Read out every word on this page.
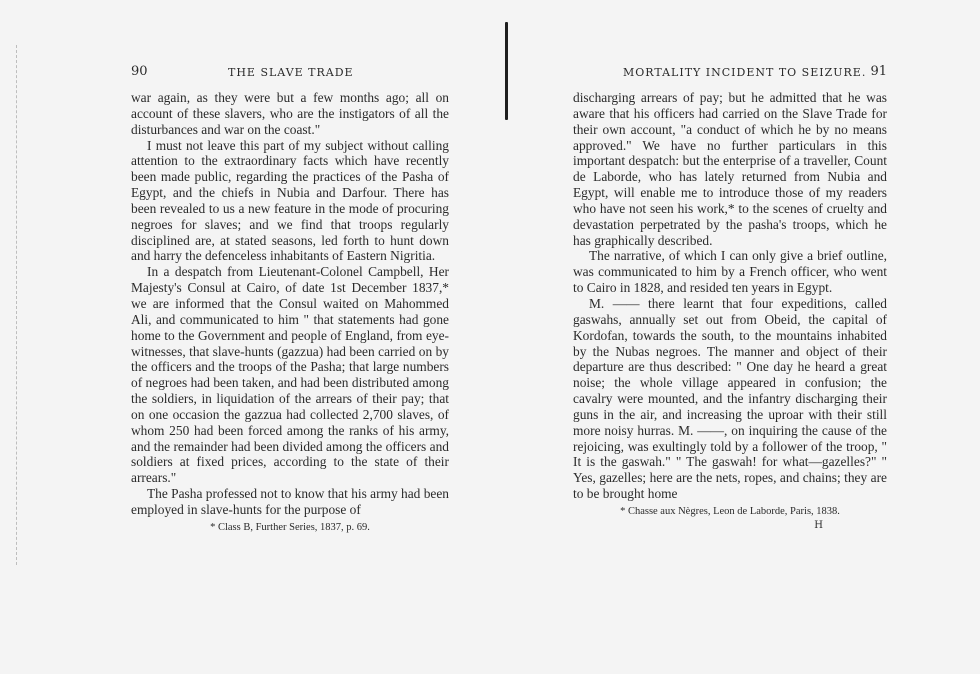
90	THE SLAVE TRADE

war again, as they were but a few months ago; all on account of these slavers, who are the instigators of all the disturbances and war on the coast."

I must not leave this part of my subject without calling attention to the extraordinary facts which have recently been made public, regarding the practices of the Pasha of Egypt, and the chiefs in Nubia and Darfour. There has been revealed to us a new feature in the mode of procuring negroes for slaves; and we find that troops regularly disciplined are, at stated seasons, led forth to hunt down and harry the defenceless inhabitants of Eastern Nigritia.

In a despatch from Lieutenant-Colonel Campbell, Her Majesty's Consul at Cairo, of date 1st December 1837,* we are informed that the Consul waited on Mahommed Ali, and communicated to him " that statements had gone home to the Government and people of England, from eye-witnesses, that slave-hunts (gazzua) had been carried on by the officers and the troops of the Pasha; that large numbers of negroes had been taken, and had been distributed among the soldiers, in liquidation of the arrears of their pay; that on one occasion the gazzua had collected 2,700 slaves, of whom 250 had been forced among the ranks of his army, and the remainder had been divided among the officers and soldiers at fixed prices, according to the state of their arrears."

The Pasha professed not to know that his army had been employed in slave-hunts for the purpose of

* Class B, Further Series, 1837, p. 69.
MORTALITY INCIDENT TO SEIZURE. 91

discharging arrears of pay; but he admitted that he was aware that his officers had carried on the Slave Trade for their own account, "a conduct of which he by no means approved." We have no further particulars in this important despatch: but the enterprise of a traveller, Count de Laborde, who has lately returned from Nubia and Egypt, will enable me to introduce those of my readers who have not seen his work,* to the scenes of cruelty and devastation perpetrated by the pasha's troops, which he has graphically described.

The narrative, of which I can only give a brief outline, was communicated to him by a French officer, who went to Cairo in 1828, and resided ten years in Egypt.

M. —— there learnt that four expeditions, called gaswahs, annually set out from Obeid, the capital of Kordofan, towards the south, to the mountains inhabited by the Nubas negroes. The manner and object of their departure are thus described: " One day he heard a great noise; the whole village appeared in confusion; the cavalry were mounted, and the infantry discharging their guns in the air, and increasing the uproar with their still more noisy hurras. M. ——, on inquiring the cause of the rejoicing, was exultingly told by a follower of the troop, " It is the gaswah." " The gaswah! for what—gazelles?" " Yes, gazelles; here are the nets, ropes, and chains; they are to be brought home

* Chasse aux Nègres, Leon de Laborde, Paris, 1838.
H
